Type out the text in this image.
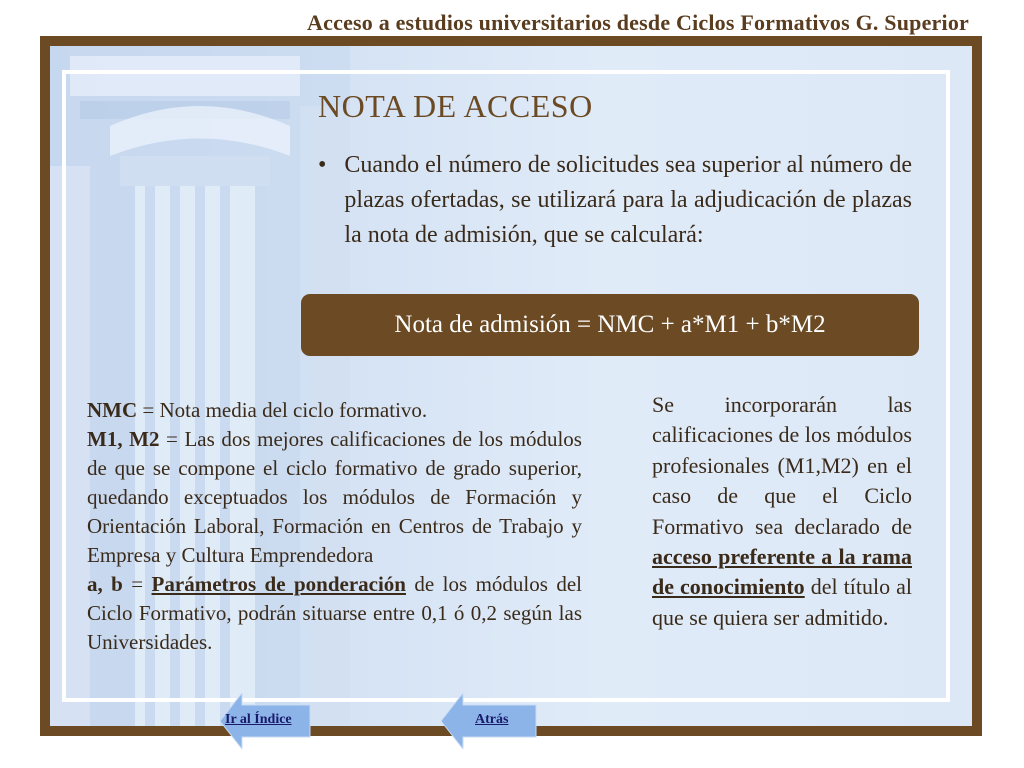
Acceso a estudios universitarios desde Ciclos Formativos G. Superior
NOTA DE ACCESO
• Cuando el número de solicitudes sea superior al número de plazas ofertadas, se utilizará para la adjudicación de plazas la nota de admisión, que se calculará:
Nota de admisión = NMC + a*M1 + b*M2

NMC = Nota media del ciclo formativo.

M1, M2 = Las dos mejores calificaciones de los módulos de que se compone el ciclo formativo de grado superior, quedando exceptuados los módulos de Formación y Orientación Laboral, Formación en Centros de Trabajo y Empresa y Cultura Emprendedora

a, b = Parámetros de ponderación de los módulos del Ciclo Formativo, podrán situarse entre 0,1 ó 0,2 según las Universidades.

Se incorporarán las calificaciones de los módulos profesionales (M1,M2) en el caso de que el Ciclo Formativo sea declarado de acceso preferente a la rama de conocimiento del título al que se quiera ser admitido.
Ir al Índice	Atrás
